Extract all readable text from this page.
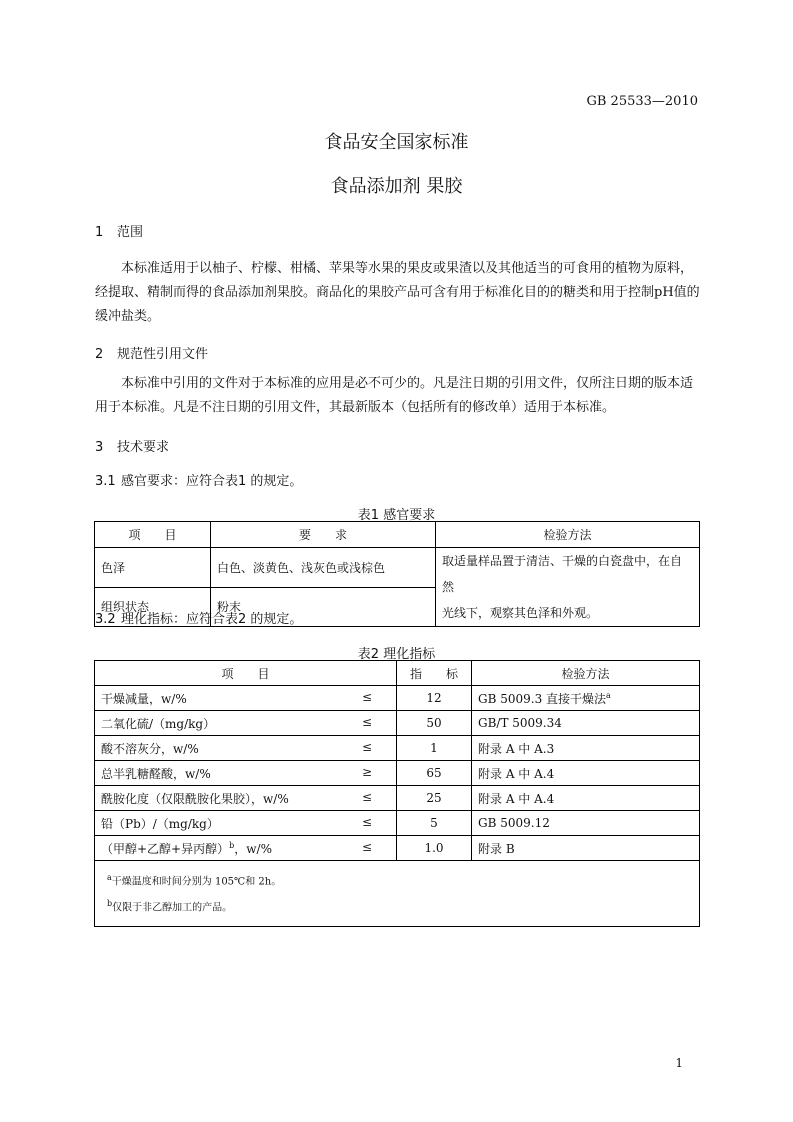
GB 25533—2010
食品安全国家标准
食品添加剂 果胶
1 范围
本标准适用于以柚子、柠檬、柑橘、苹果等水果的果皮或果渣以及其他适当的可食用的植物为原料，经提取、精制而得的食品添加剂果胶。商品化的果胶产品可含有用于标准化目的的糖类和用于控制pH值的缓冲盐类。
2 规范性引用文件
本标准中引用的文件对于本标准的应用是必不可少的。凡是注日期的引用文件，仅所注日期的版本适用于本标准。凡是不注日期的引用文件，其最新版本（包括所有的修改单）适用于本标准。
3 技术要求
3.1 感官要求：应符合表1 的规定。
表1 感官要求
项　　目	要　　求	检验方法
色泽	白色、淡黄色、浅灰色或浅棕色	取适量样品置于清洁、干燥的白瓷盘中，在自然
光线下，观察其色泽和外观。

组织状态	粉末	
3.2 理化指标：应符合表2 的规定。
表2 理化指标
项　　目	指　　标	检验方法
干燥减量，w/% ≤	12	GB 5009.3 直接干燥法$^a$
二氧化硫/（mg/kg） ≤	50	GB/T 5009.34
酸不溶灰分，w/% ≤	1	附录 A 中 A.3
总半乳糖醛酸，w/% ≥	65	附录 A 中 A.4
酰胺化度（仅限酰胺化果胶），w/% ≤	25	附录 A 中 A.4
铅（Pb）/（mg/kg） ≤	5	GB 5009.12
（甲醇+乙醇+异丙醇）$^b$，w/% ≤	1.0	附录 B

$^a$干燥温度和时间分别为 105℃和 2h。
$^b$仅限于非乙醇加工的产品。		
1
